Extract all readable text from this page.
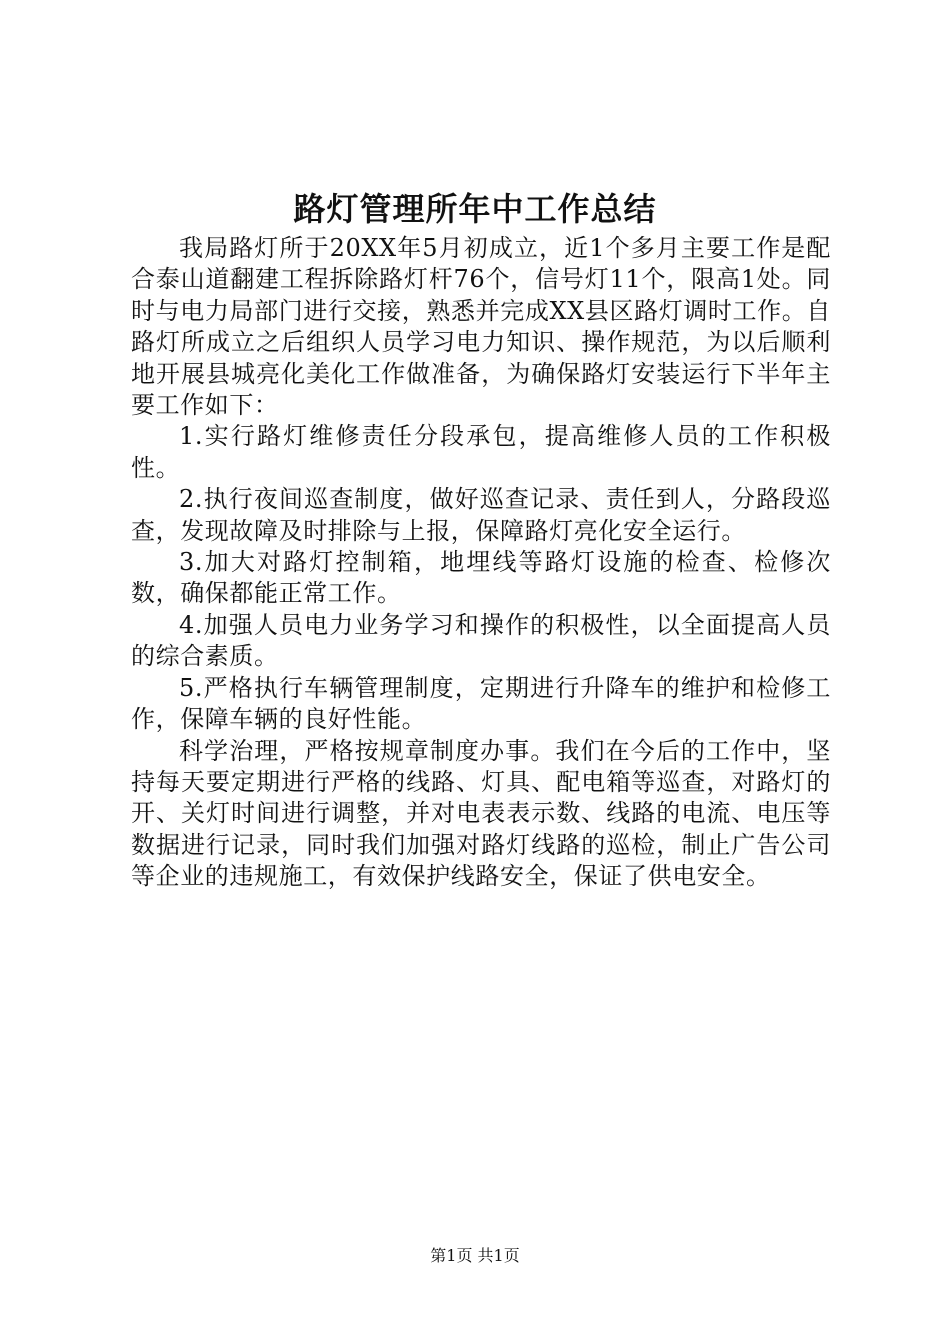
路灯管理所年中工作总结

我局路灯所于20XX年5月初成立，近1个多月主要工作是配合泰山道翻建工程拆除路灯杆76个，信号灯11个，限高1处。同时与电力局部门进行交接，熟悉并完成XX县区路灯调时工作。自路灯所成立之后组织人员学习电力知识、操作规范，为以后顺利地开展县城亮化美化工作做准备，为确保路灯安装运行下半年主要工作如下：

1.实行路灯维修责任分段承包，提高维修人员的工作积极性。

2.执行夜间巡查制度，做好巡查记录、责任到人，分路段巡查，发现故障及时排除与上报，保障路灯亮化安全运行。

3.加大对路灯控制箱，地埋线等路灯设施的检查、检修次数，确保都能正常工作。

4.加强人员电力业务学习和操作的积极性，以全面提高人员的综合素质。

5.严格执行车辆管理制度，定期进行升降车的维护和检修工作，保障车辆的良好性能。

科学治理，严格按规章制度办事。我们在今后的工作中，坚持每天要定期进行严格的线路、灯具、配电箱等巡查，对路灯的开、关灯时间进行调整，并对电表表示数、线路的电流、电压等数据进行记录，同时我们加强对路灯线路的巡检，制止广告公司等企业的违规施工，有效保护线路安全，保证了供电安全。

第1页 共1页
